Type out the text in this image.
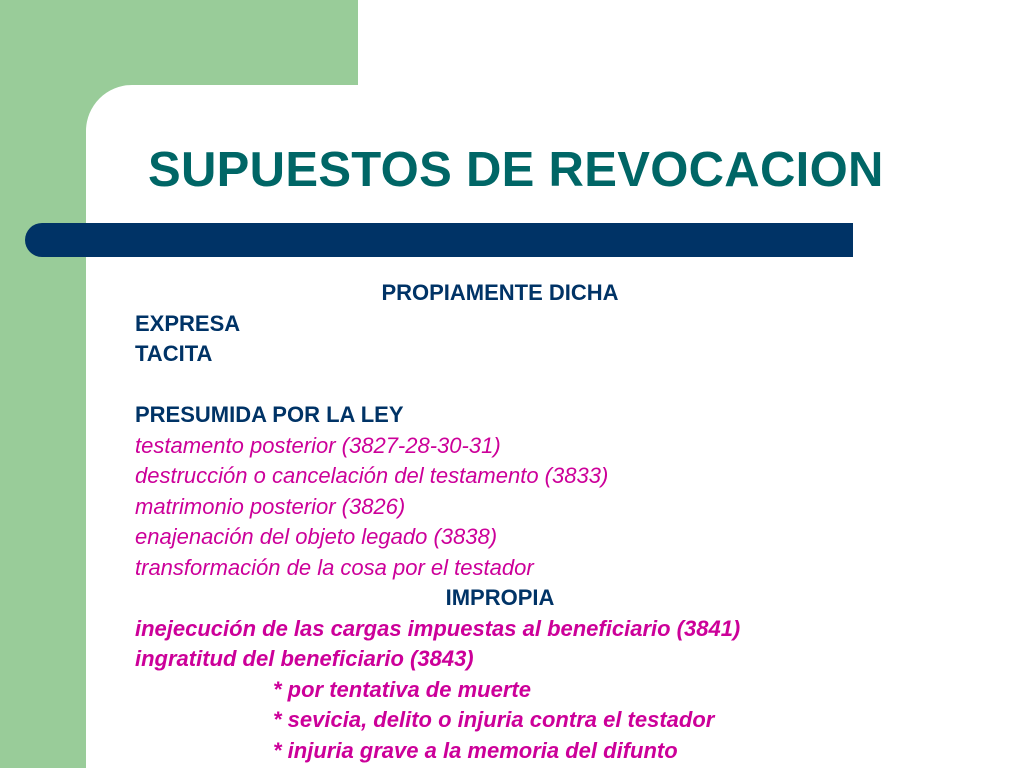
SUPUESTOS DE REVOCACION
PROPIAMENTE DICHA
EXPRESA
TACITA
PRESUMIDA POR LA LEY
testamento posterior (3827-28-30-31)
destrucción o cancelación del testamento (3833)
matrimonio posterior (3826)
enajenación del objeto legado (3838)
transformación de la cosa por el testador
IMPROPIA
inejecución de las cargas impuestas al beneficiario (3841)
ingratitud del beneficiario (3843)
* por tentativa de muerte
* sevicia, delito o injuria contra el testador
* injuria grave a la memoria del difunto
